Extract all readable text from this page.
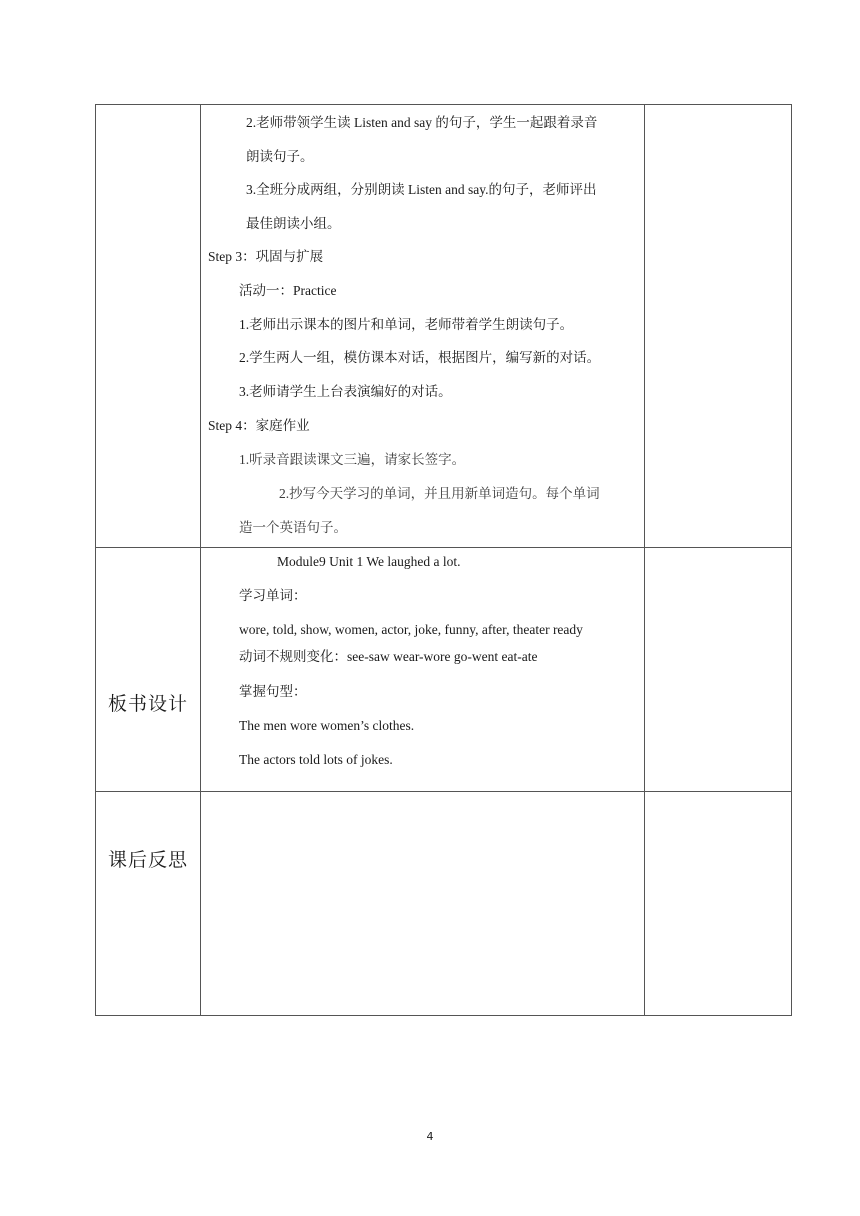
2.老师带领学生读 Listen and say 的句子，学生一起跟着录音
朗读句子。
3.全班分成两组，分别朗读 Listen and say.的句子，老师评出
最佳朗读小组。
Step 3：巩固与扩展
活动一：Practice
1.老师出示课本的图片和单词，老师带着学生朗读句子。
2.学生两人一组，模仿课本对话，根据图片，编写新的对话。
3.老师请学生上台表演编好的对话。
Step 4：家庭作业
1.听录音跟读课文三遍，请家长签字。
2.抄写今天学习的单词，并且用新单词造句。每个单词
造一个英语句子。
板书设计
Module9 Unit 1 We laughed a lot.
学习单词：
wore, told, show, women, actor, joke, funny, after, theater ready
动词不规则变化：see-saw wear-wore go-went eat-ate
掌握句型：
The men wore women’s clothes.
The actors told lots of jokes.
课后反思
4
